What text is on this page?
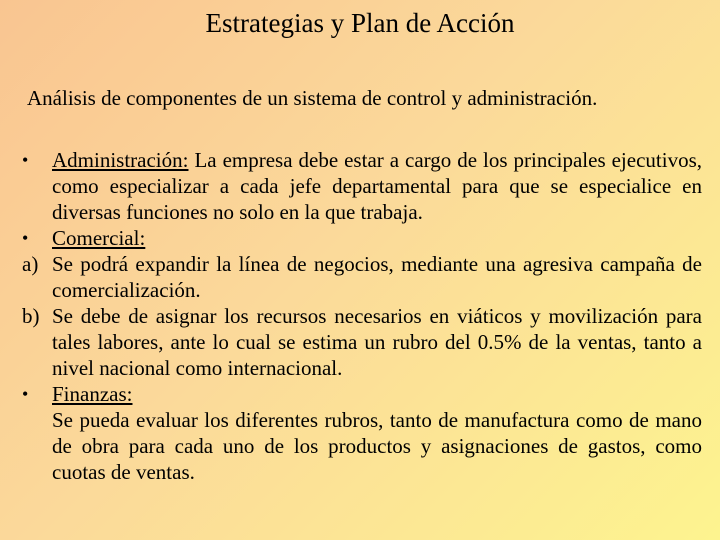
Estrategias y Plan de Acción
Análisis de componentes de un sistema de control y administración.
•	Administración: La empresa debe estar a cargo de los principales ejecutivos, como especializar a cada jefe departamental para que se especialice en diversas funciones no solo en la que trabaja.
•	Comercial:
a) Se podrá expandir la línea de negocios, mediante una agresiva campaña de comercialización.
b) Se debe de asignar los recursos necesarios en viáticos y movilización para tales labores, ante lo cual se estima un rubro del 0.5% de la ventas, tanto a nivel nacional como internacional.
•	Finanzas:
Se pueda evaluar los diferentes rubros, tanto de manufactura como de mano de obra para cada uno de los productos y asignaciones de gastos, como cuotas de ventas.
